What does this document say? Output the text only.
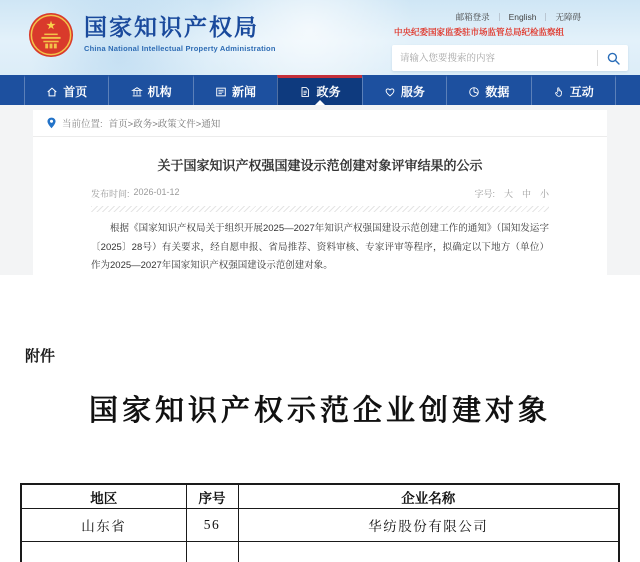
国家知识产权局
China National Intellectual Property Administration
邮箱登录	English	无障碍
中央纪委国家监委驻市场监管总局纪检监察组
请输入您要搜索的内容
首页	机构	新闻	政务	服务	数据	互动
当前位置: 首页>政务>政策文件>通知
关于国家知识产权强国建设示范创建对象评审结果的公示
发布时间: 2026-01-12	字号: 大 中 小
根据《国家知识产权局关于组织开展2025—2027年知识产权强国建设示范创建工作的通知》（国知发运字〔2025〕28号）有关要求，经自愿申报、省局推荐、资料审核、专家评审等程序，拟确定以下地方（单位）作为2025—2027年国家知识产权强国建设示范创建对象。
附件
国家知识产权示范企业创建对象
地区	序号	企业名称
山东省	56	华纺股份有限公司
